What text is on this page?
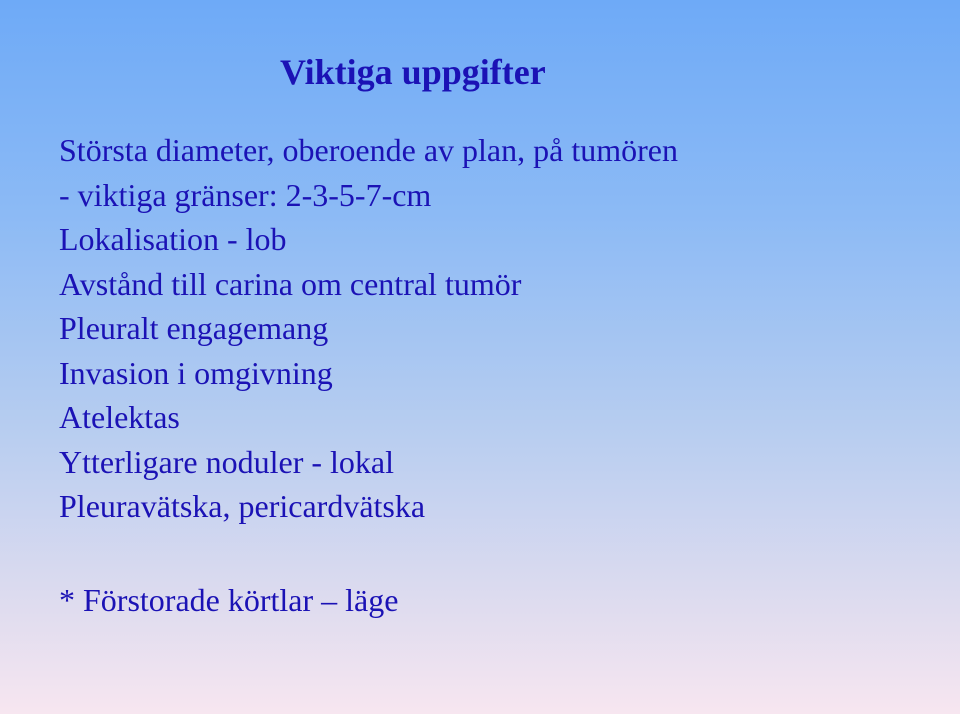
Viktiga uppgifter
Största diameter, oberoende av plan, på tumören
- viktiga gränser: 2-3-5-7-cm
Lokalisation - lob
Avstånd till carina om central tumör
Pleuralt engagemang
Invasion i omgivning
Atelektas
Ytterligare noduler - lokal
Pleuravätska, pericardvätska

* Förstorade körtlar – läge
